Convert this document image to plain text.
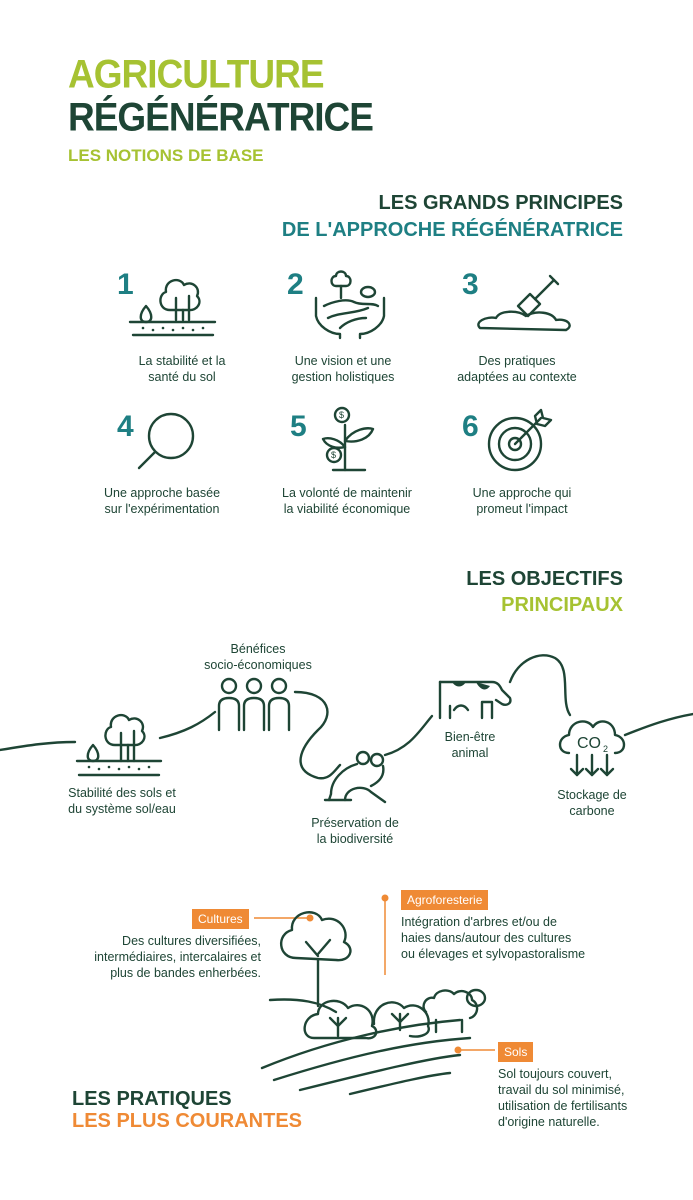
AGRICULTURE
RÉGÉNÉRATRICE
LES NOTIONS DE BASE
LES GRANDS PRINCIPES
DE L'APPROCHE RÉGÉNÉRATRICE
1	2	3
4	5	6
$
$
La stabilité et la
santé du sol
Une vision et une
gestion holistiques
Des pratiques
adaptées au contexte
Une approche basée
sur l'expérimentation
La volonté de maintenir
la viabilité économique
Une approche qui
promeut l'impact
LES OBJECTIFS
PRINCIPAUX
CO 2
Stabilité des sols et
du système sol/eau
Bénéfices
socio-économiques
Préservation de
la biodiversité
Bien-être
animal
Stockage de
carbone
Cultures
Des cultures diversifiées,
intermédiaires, intercalaires et
plus de bandes enherbées.
Agroforesterie
Intégration d'arbres et/ou de
haies dans/autour des cultures
ou élevages et sylvopastoralisme
Sols
Sol toujours couvert,
travail du sol minimisé,
utilisation de fertilisants
d'origine naturelle.
LES PRATIQUES
LES PLUS COURANTES
